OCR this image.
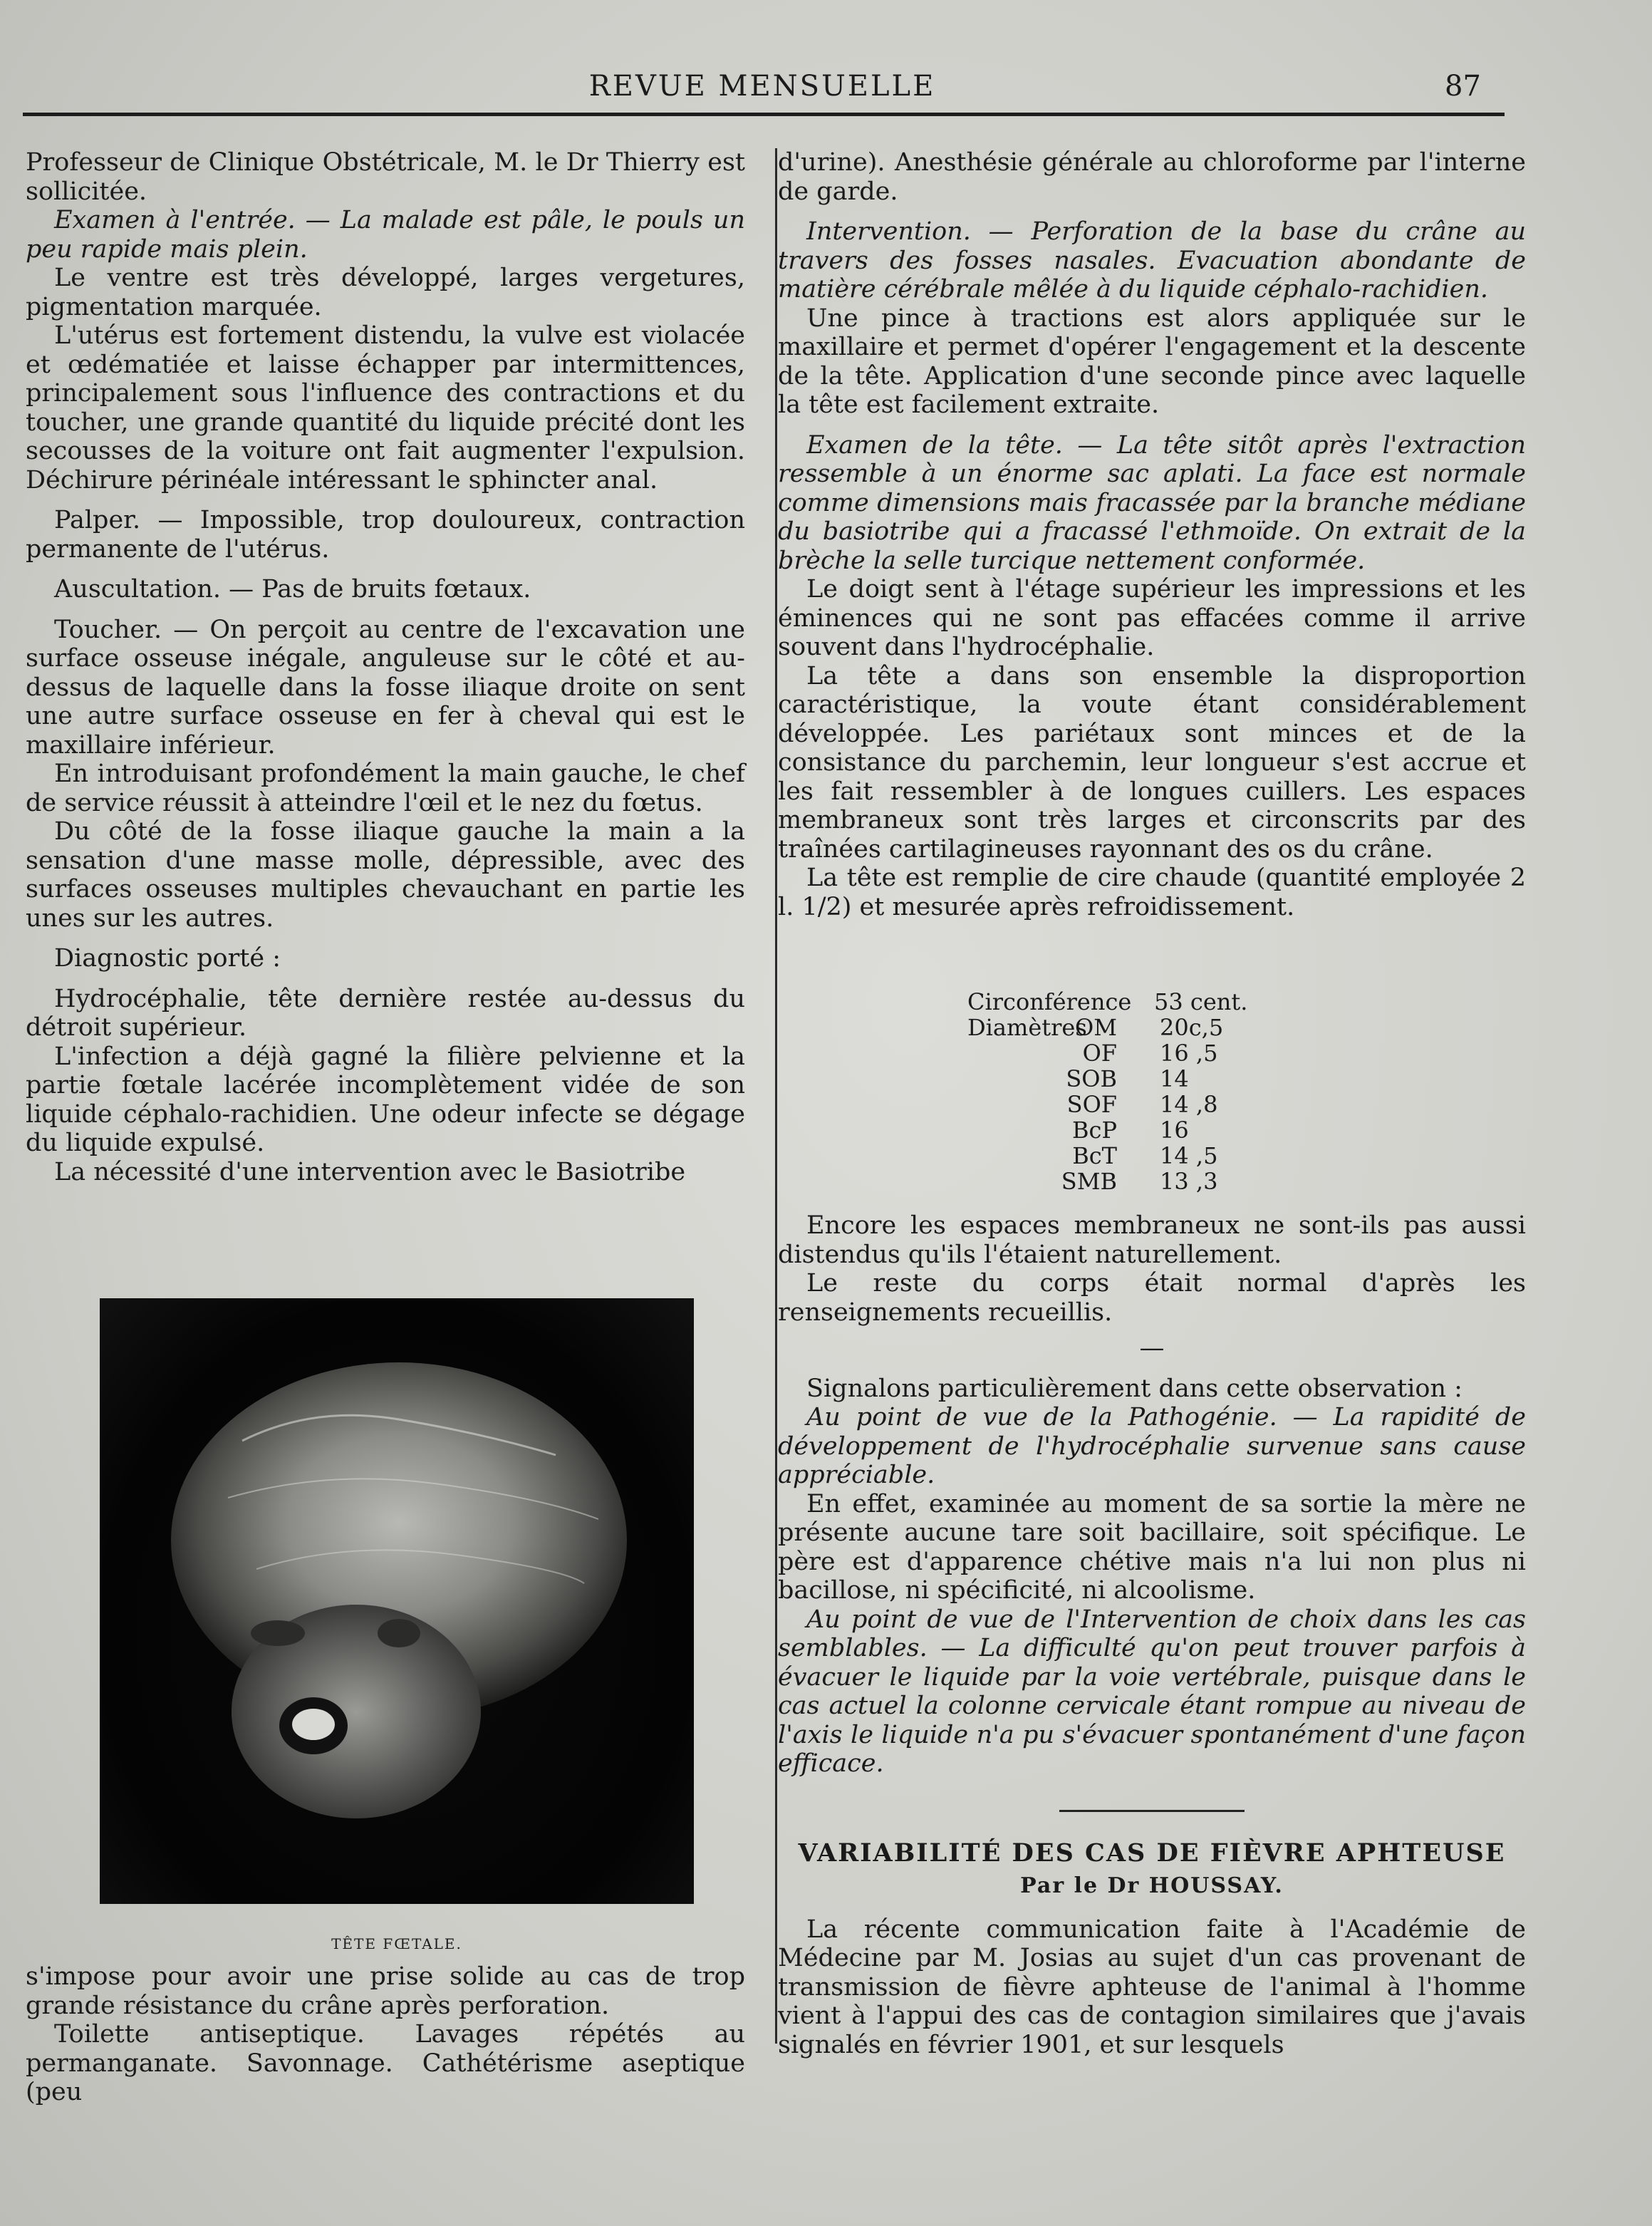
REVUE MENSUELLE	87

Professeur de Clinique Obstétricale, M. le Dr Thierry est sollicitée.

Examen à l'entrée. — La malade est pâle, le pouls un peu rapide mais plein.

Le ventre est très développé, larges vergetures, pigmentation marquée.

L'utérus est fortement distendu, la vulve est violacée et œdématiée et laisse échapper par intermittences, principalement sous l'influence des contractions et du toucher, une grande quantité du liquide précité dont les secousses de la voiture ont fait augmenter l'expulsion. Déchirure périnéale intéressant le sphincter anal.

Palper. — Impossible, trop douloureux, contraction permanente de l'utérus.

Auscultation. — Pas de bruits fœtaux.

Toucher. — On perçoit au centre de l'excavation une surface osseuse inégale, anguleuse sur le côté et au-dessus de laquelle dans la fosse iliaque droite on sent une autre surface osseuse en fer à cheval qui est le maxillaire inférieur.

En introduisant profondément la main gauche, le chef de service réussit à atteindre l'œil et le nez du fœtus.

Du côté de la fosse iliaque gauche la main a la sensation d'une masse molle, dépressible, avec des surfaces osseuses multiples chevauchant en partie les unes sur les autres.

Diagnostic porté :

Hydrocéphalie, tête dernière restée au-dessus du détroit supérieur.

L'infection a déjà gagné la filière pelvienne et la partie fœtale lacérée incomplètement vidée de son liquide céphalo-rachidien. Une odeur infecte se dégage du liquide expulsé.

La nécessité d'une intervention avec le Basiotribe

TÊTE FŒTALE.

s'impose pour avoir une prise solide au cas de trop grande résistance du crâne après perforation.

Toilette antiseptique. Lavages répétés au permanganate. Savonnage. Cathétérisme aseptique (peu

d'urine). Anesthésie générale au chloroforme par l'interne de garde.

Intervention. — Perforation de la base du crâne au travers des fosses nasales. Evacuation abondante de matière cérébrale mêlée à du liquide céphalo-rachidien.

Une pince à tractions est alors appliquée sur le maxillaire et permet d'opérer l'engagement et la descente de la tête. Application d'une seconde pince avec laquelle la tête est facilement extraite.

Examen de la tête. — La tête sitôt après l'extraction ressemble à un énorme sac aplati. La face est normale comme dimensions mais fracassée par la branche médiane du basiotribe qui a fracassé l'ethmoïde. On extrait de la brèche la selle turcique nettement conformée.

Le doigt sent à l'étage supérieur les impressions et les éminences qui ne sont pas effacées comme il arrive souvent dans l'hydrocéphalie.

La tête a dans son ensemble la disproportion caractéristique, la voute étant considérablement développée. Les pariétaux sont minces et de la consistance du parchemin, leur longueur s'est accrue et les fait ressembler à de longues cuillers. Les espaces membraneux sont très larges et circonscrits par des traînées cartilagineuses rayonnant des os du crâne.

La tête est remplie de cire chaude (quantité employée 2 l. 1/2) et mesurée après refroidissement.

Circonférence 53 cent.
Diamètres
OM 20c,5
OF 16 ,5
SOB 14
SOF 14 ,8
BcP 16
BcT 14 ,5
SMB 13 ,3

Encore les espaces membraneux ne sont-ils pas aussi distendus qu'ils l'étaient naturellement.

Le reste du corps était normal d'après les renseignements recueillis.

—

Signalons particulièrement dans cette observation :

Au point de vue de la Pathogénie. — La rapidité de développement de l'hydrocéphalie survenue sans cause appréciable.

En effet, examinée au moment de sa sortie la mère ne présente aucune tare soit bacillaire, soit spécifique. Le père est d'apparence chétive mais n'a lui non plus ni bacillose, ni spécificité, ni alcoolisme.

Au point de vue de l'Intervention de choix dans les cas semblables. — La difficulté qu'on peut trouver parfois à évacuer le liquide par la voie vertébrale, puisque dans le cas actuel la colonne cervicale étant rompue au niveau de l'axis le liquide n'a pu s'évacuer spontanément d'une façon efficace.

VARIABILITÉ DES CAS DE FIÈVRE APHTEUSE
Par le Dr HOUSSAY.

La récente communication faite à l'Académie de Médecine par M. Josias au sujet d'un cas provenant de transmission de fièvre aphteuse de l'animal à l'homme vient à l'appui des cas de contagion similaires que j'avais signalés en février 1901, et sur lesquels
